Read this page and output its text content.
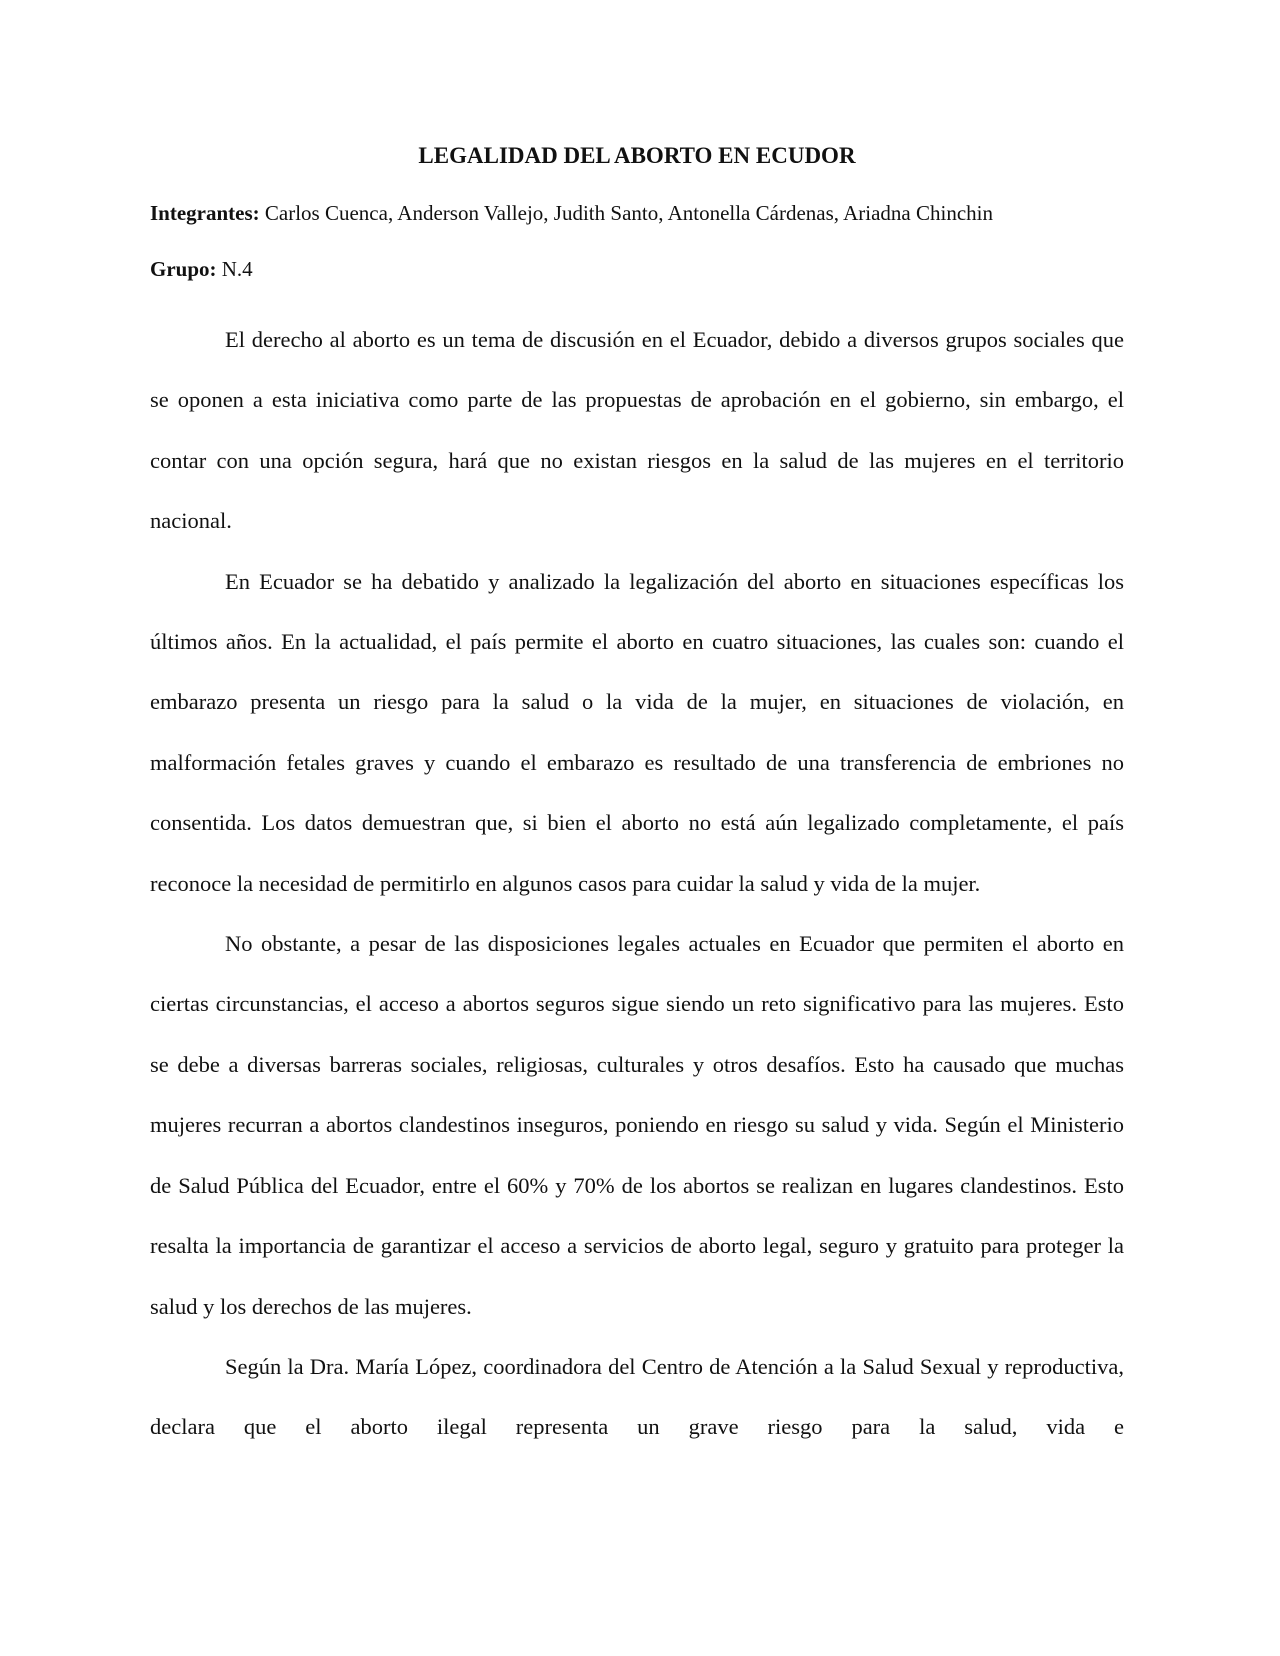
LEGALIDAD DEL ABORTO EN ECUDOR

Integrantes: Carlos Cuenca, Anderson Vallejo, Judith Santo, Antonella Cárdenas, Ariadna Chinchin

Grupo: N.4

El derecho al aborto es un tema de discusión en el Ecuador, debido a diversos grupos sociales que se oponen a esta iniciativa como parte de las propuestas de aprobación en el gobierno, sin embargo, el contar con una opción segura, hará que no existan riesgos en la salud de las mujeres en el territorio nacional.

En Ecuador se ha debatido y analizado la legalización del aborto en situaciones específicas los últimos años. En la actualidad, el país permite el aborto en cuatro situaciones, las cuales son: cuando el embarazo presenta un riesgo para la salud o la vida de la mujer, en situaciones de violación, en malformación fetales graves y cuando el embarazo es resultado de una transferencia de embriones no consentida. Los datos demuestran que, si bien el aborto no está aún legalizado completamente, el país reconoce la necesidad de permitirlo en algunos casos para cuidar la salud y vida de la mujer.

No obstante, a pesar de las disposiciones legales actuales en Ecuador que permiten el aborto en ciertas circunstancias, el acceso a abortos seguros sigue siendo un reto significativo para las mujeres. Esto se debe a diversas barreras sociales, religiosas, culturales y otros desafíos. Esto ha causado que muchas mujeres recurran a abortos clandestinos inseguros, poniendo en riesgo su salud y vida. Según el Ministerio de Salud Pública del Ecuador, entre el 60% y 70% de los abortos se realizan en lugares clandestinos. Esto resalta la importancia de garantizar el acceso a servicios de aborto legal, seguro y gratuito para proteger la salud y los derechos de las mujeres.

Según la Dra. María López, coordinadora del Centro de Atención a la Salud Sexual y reproductiva, declara que el aborto ilegal representa un grave riesgo para la salud, vida e
